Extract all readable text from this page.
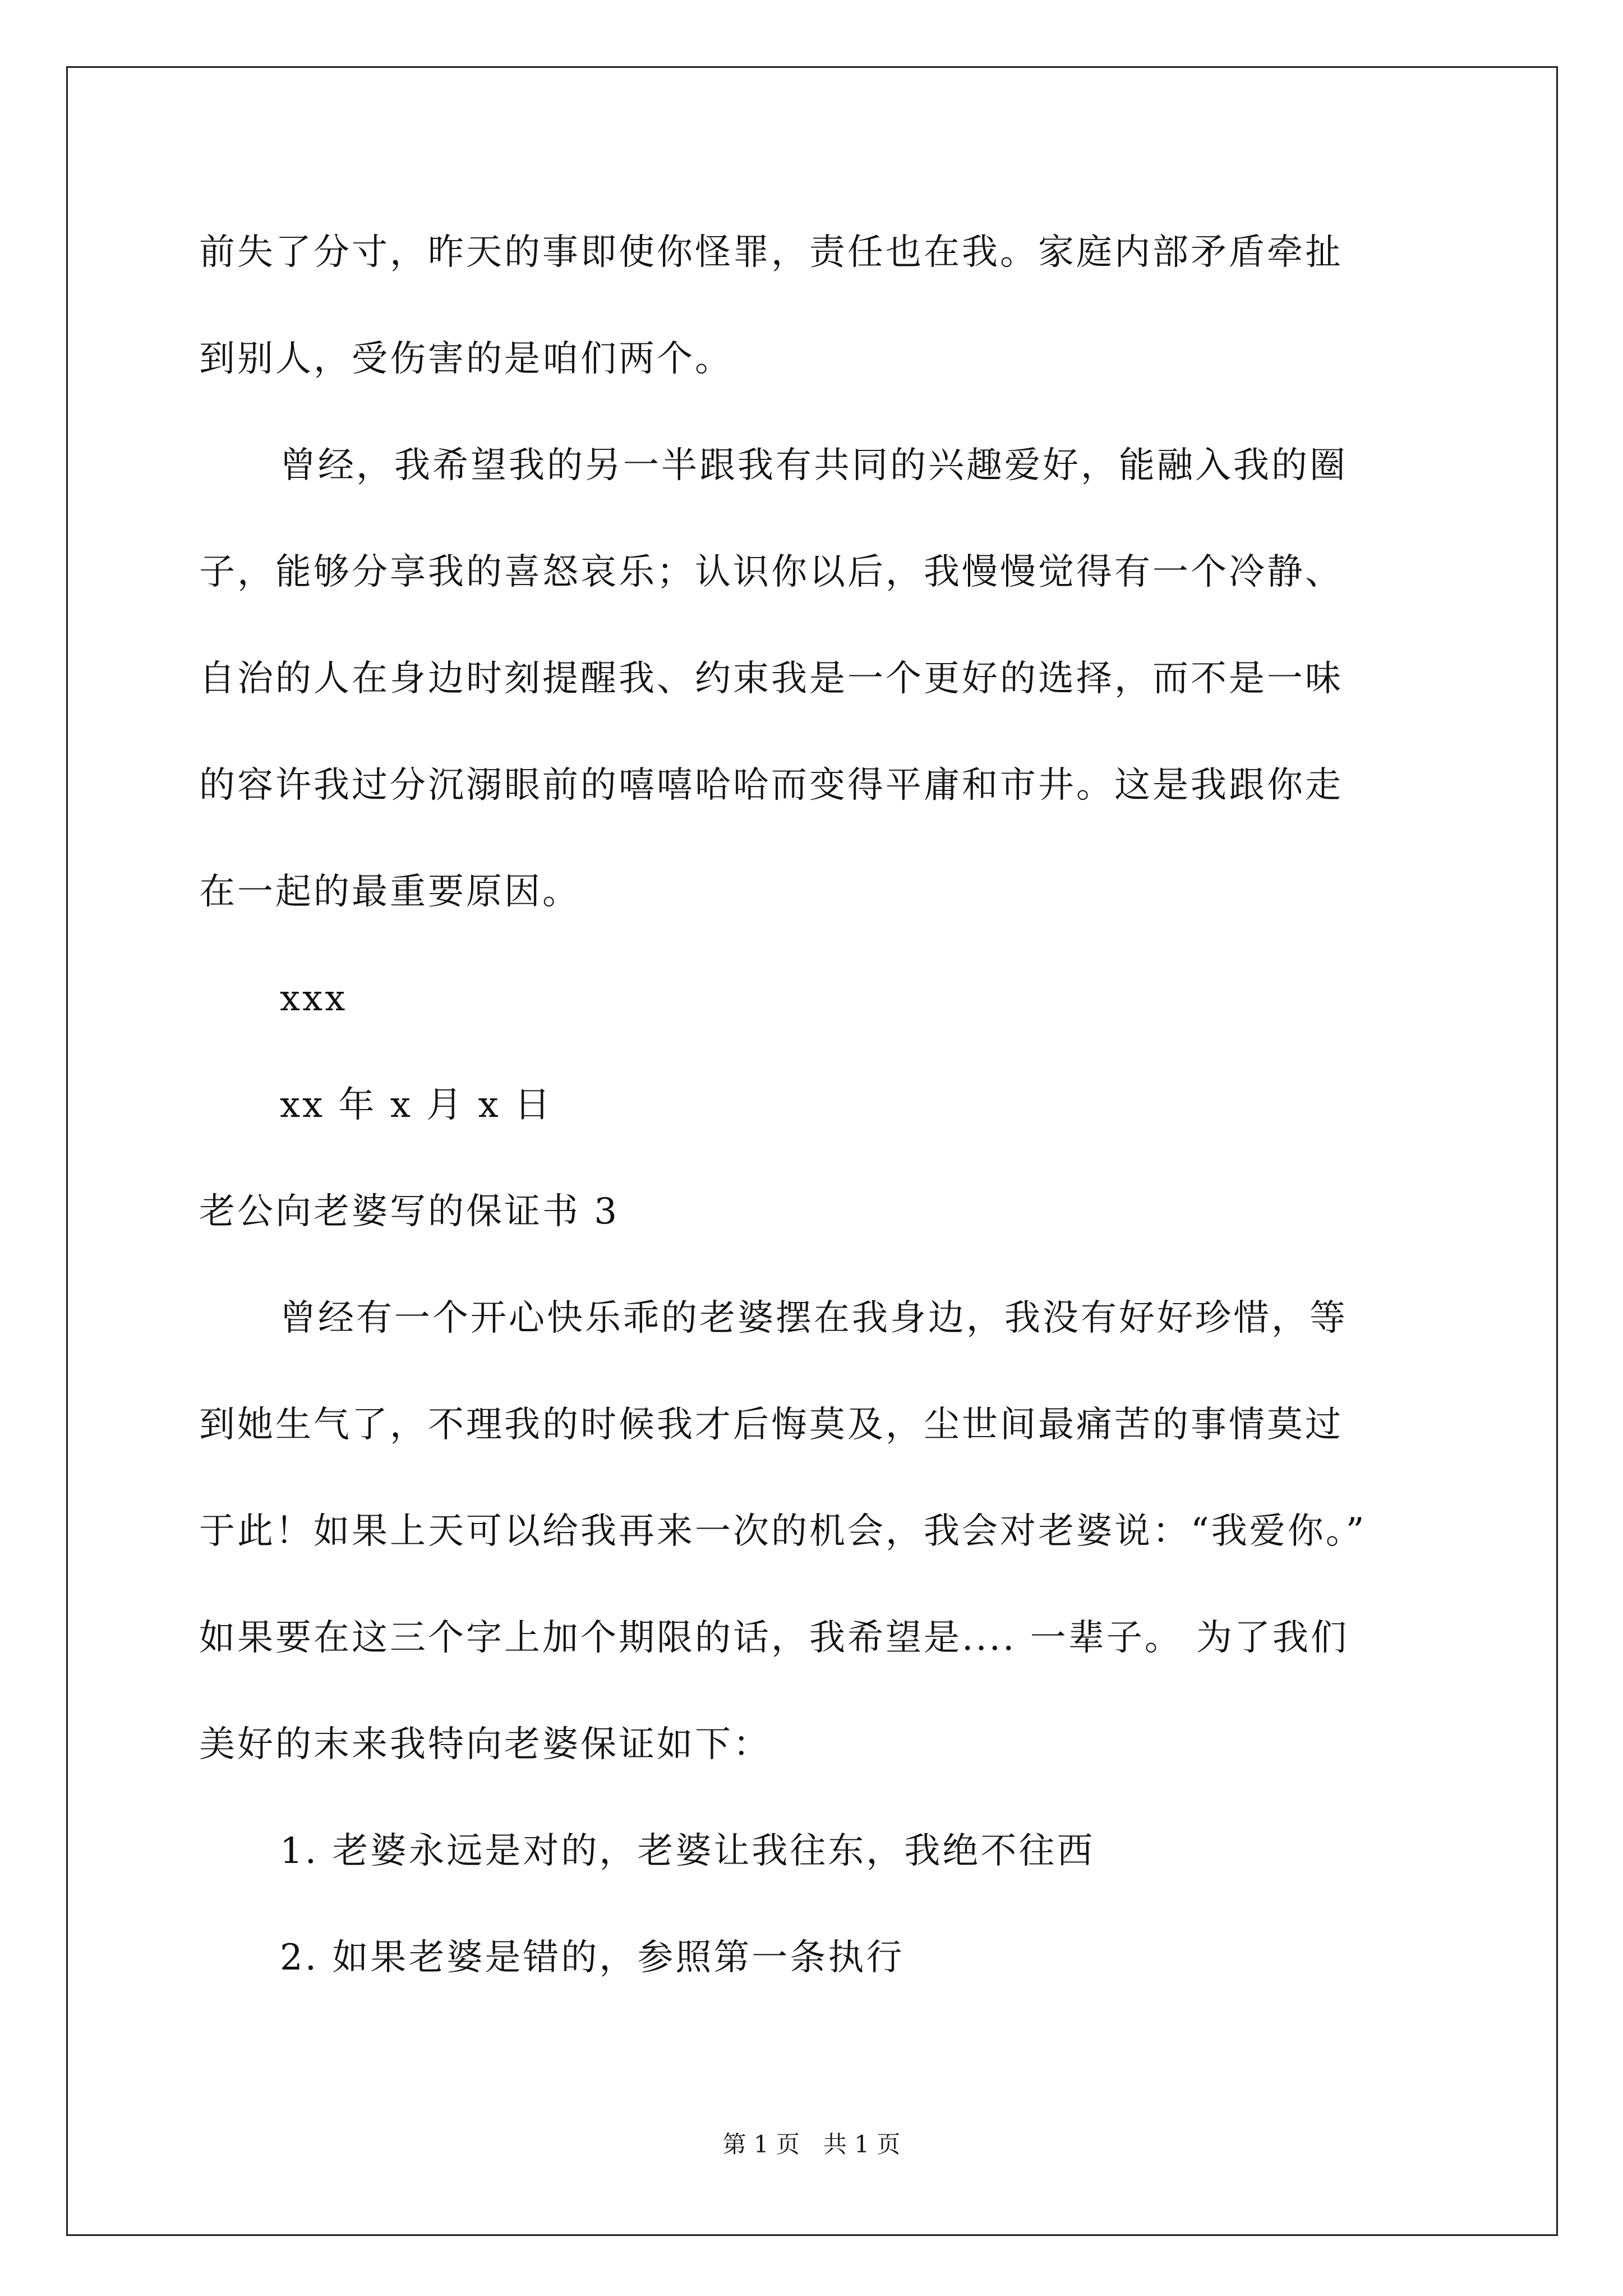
前失了分寸，昨天的事即使你怪罪，责任也在我。家庭内部矛盾牵扯
到别人，受伤害的是咱们两个。
曾经，我希望我的另一半跟我有共同的兴趣爱好，能融入我的圈
子，能够分享我的喜怒哀乐；认识你以后，我慢慢觉得有一个冷静、
自治的人在身边时刻提醒我、约束我是一个更好的选择，而不是一味
的容许我过分沉溺眼前的嘻嘻哈哈而变得平庸和市井。这是我跟你走
在一起的最重要原因。
xxx
xx 年 x 月 x 日
老公向老婆写的保证书 3
曾经有一个开心快乐乖的老婆摆在我身边，我没有好好珍惜，等
到她生气了，不理我的时候我才后悔莫及，尘世间最痛苦的事情莫过
于此！如果上天可以给我再来一次的机会，我会对老婆说：“我爱你。”
如果要在这三个字上加个期限的话，我希望是.... 一辈子。 为了我们
美好的末来我特向老婆保证如下：
1. 老婆永远是对的，老婆让我往东，我绝不往西
2. 如果老婆是错的，参照第一条执行
第 1 页　共 1 页
